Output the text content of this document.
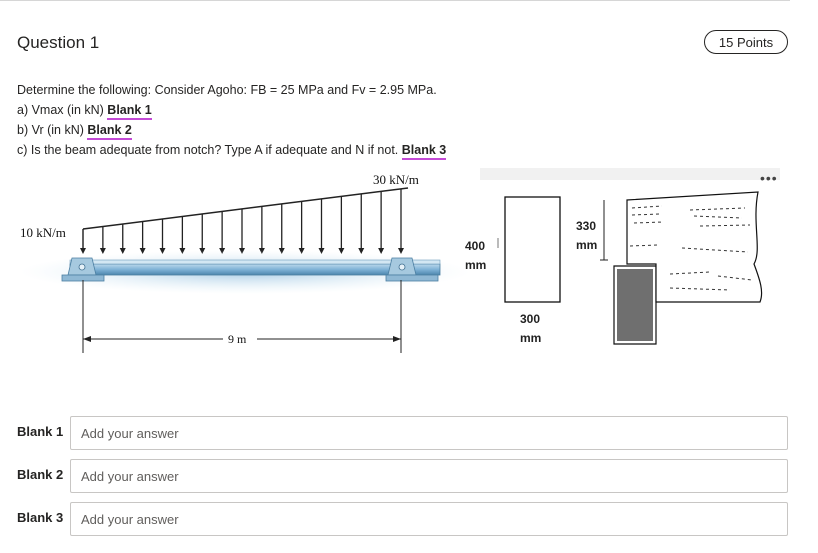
Question 1	15 Points
Determine the following: Consider Agoho: FB = 25 MPa and Fv = 2.95 MPa.
a) Vmax (in kN) Blank 1
b) Vr (in kN) Blank 2
c) Is the beam adequate from notch? Type A if adequate and N if not. Blank 3
30 kN/m
10 kN/m
9 m
400
mm
300
mm
330
mm
•••
Blank 1
Add your answer
Blank 2
Add your answer
Blank 3
Add your answer
